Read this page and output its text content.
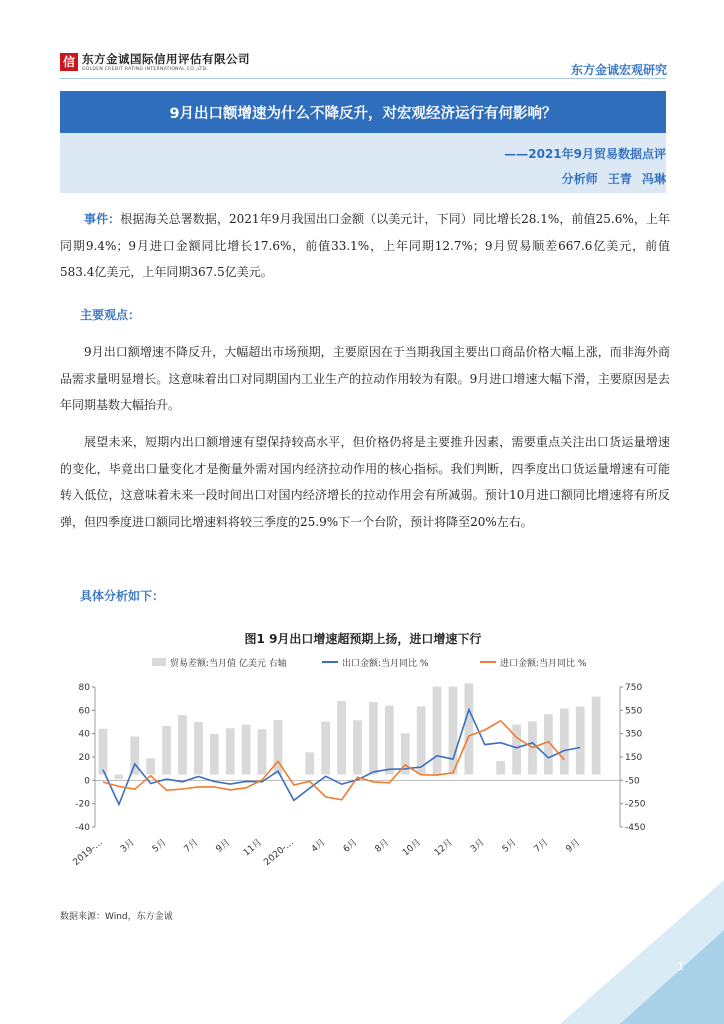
信 东方金诚国际信用评估有限公司
GOLDEN CREDIT RATING INTERNATIONAL CO.,LTD.	东方金诚宏观研究
9月出口额增速为什么不降反升，对宏观经济运行有何影响？
——2021年9月贸易数据点评
分析师 王青 冯琳
事件：根据海关总署数据，2021年9月我国出口金额（以美元计，下同）同比增长28.1%，前值25.6%，上年同期9.4%；9月进口金额同比增长17.6%，前值33.1%，上年同期12.7%；9月贸易顺差667.6亿美元，前值583.4亿美元，上年同期367.5亿美元。
主要观点：
9月出口额增速不降反升，大幅超出市场预期，主要原因在于当期我国主要出口商品价格大幅上涨，而非海外商品需求量明显增长。这意味着出口对同期国内工业生产的拉动作用较为有限。9月进口增速大幅下滑，主要原因是去年同期基数大幅抬升。
展望未来，短期内出口额增速有望保持较高水平，但价格仍将是主要推升因素，需要重点关注出口货运量增速的变化，毕竟出口量变化才是衡量外需对国内经济拉动作用的核心指标。我们判断，四季度出口货运量增速有可能转入低位，这意味着未来一段时间出口对国内经济增长的拉动作用会有所减弱。预计10月进口额同比增速将有所反弹，但四季度进口额同比增速料将较三季度的25.9%下一个台阶，预计将降至20%左右。
具体分析如下：
图1 9月出口增速超预期上扬，进口增速下行
贸易差额:当月值 亿美元 右轴	出口金额:当月同比 %	进口金额:当月同比 %
-40
-20
0
20
40
60
80
-450
-250
-50
150
350
550
750
2019-… 3月 5月 7月 9月 11月
2020-… 4月 6月 8月 10月 12月 3月 5月 7月 9月
数据来源：Wind，东方金诚
1
